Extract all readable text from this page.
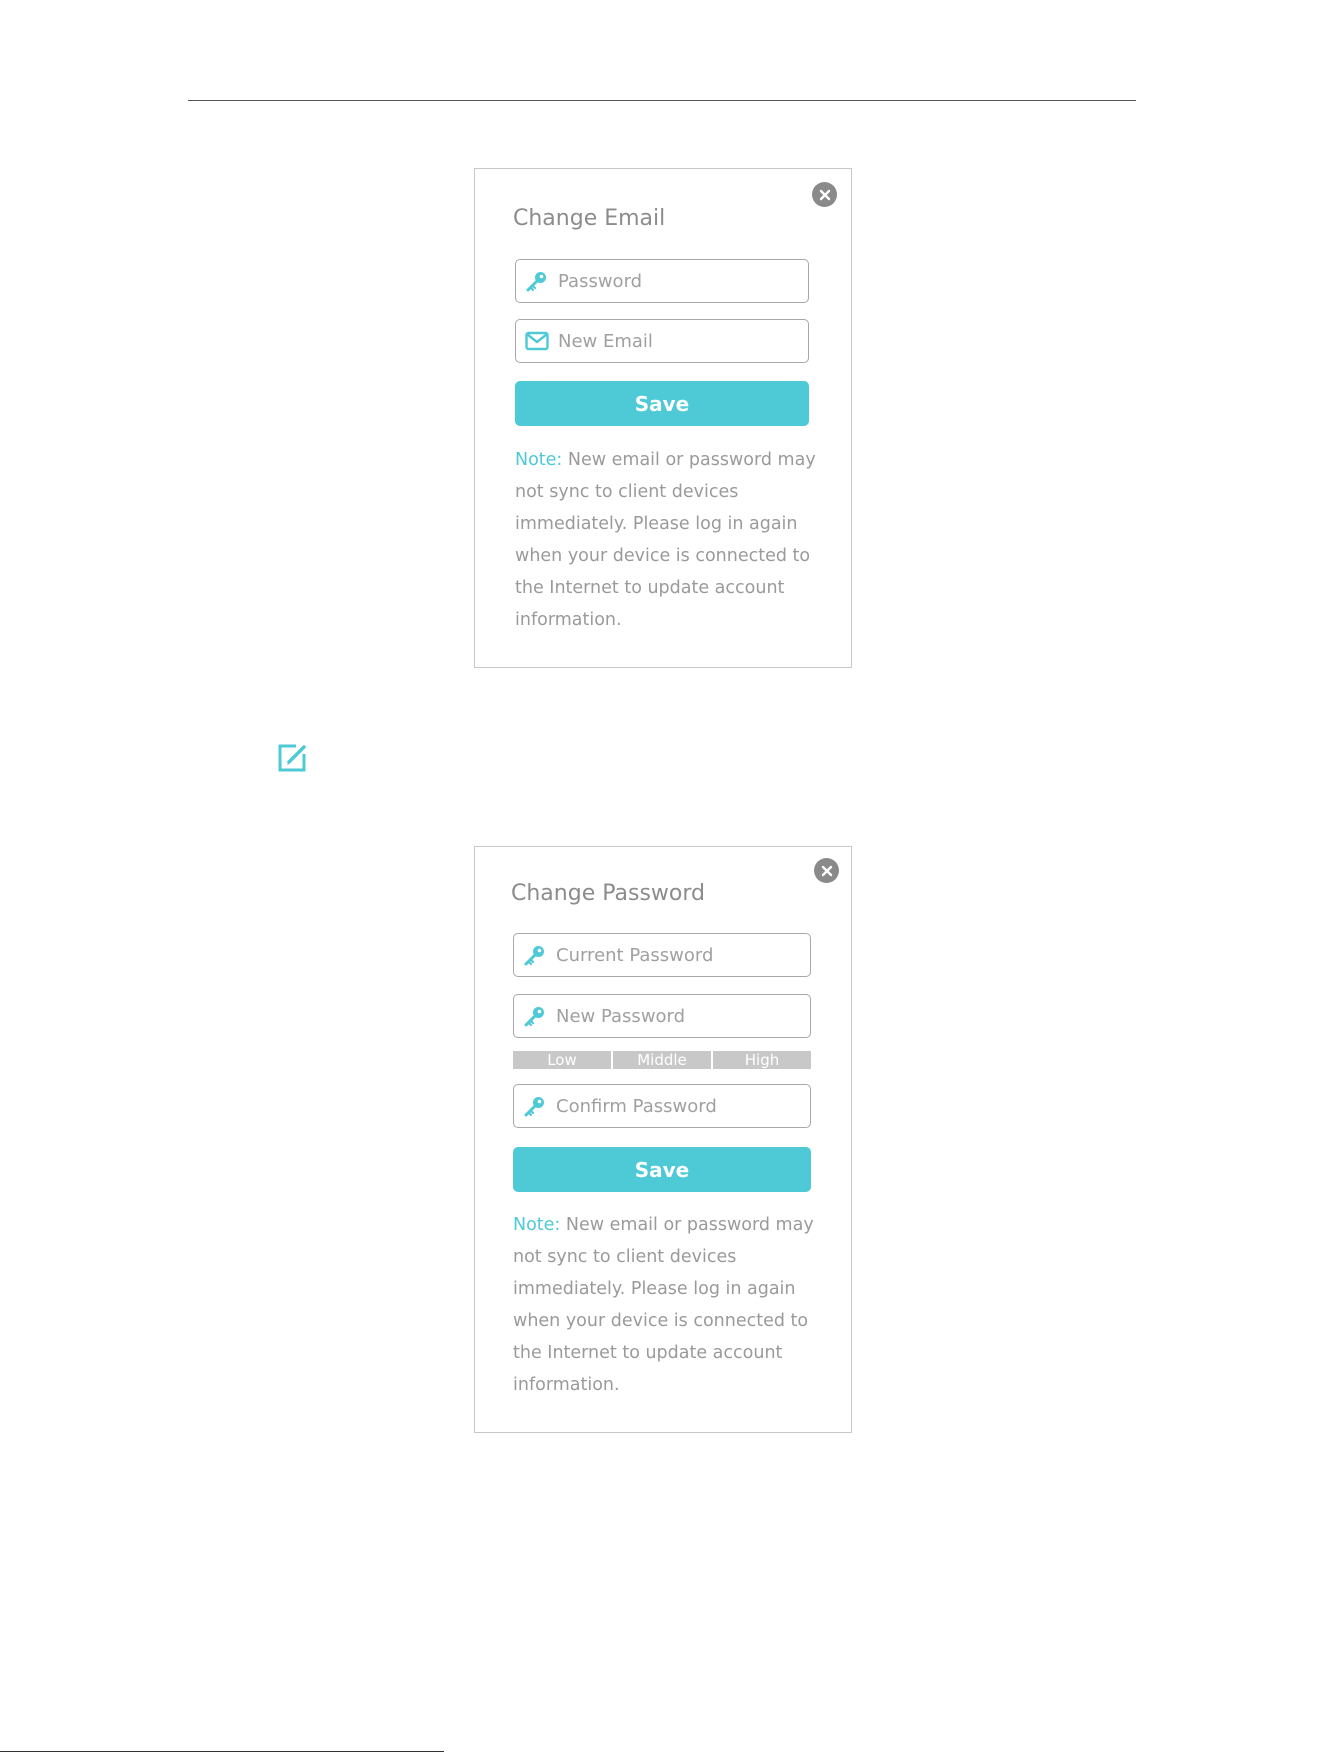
Change Email
New Email
Save

Note: New email or password may not sync to client devices immediately. Please log in again when your device is connected to the Internet to update account information.

Change Password
Low	Middle	High
Save

Note: New email or password may not sync to client devices immediately. Please log in again when your device is connected to the Internet to update account information.
